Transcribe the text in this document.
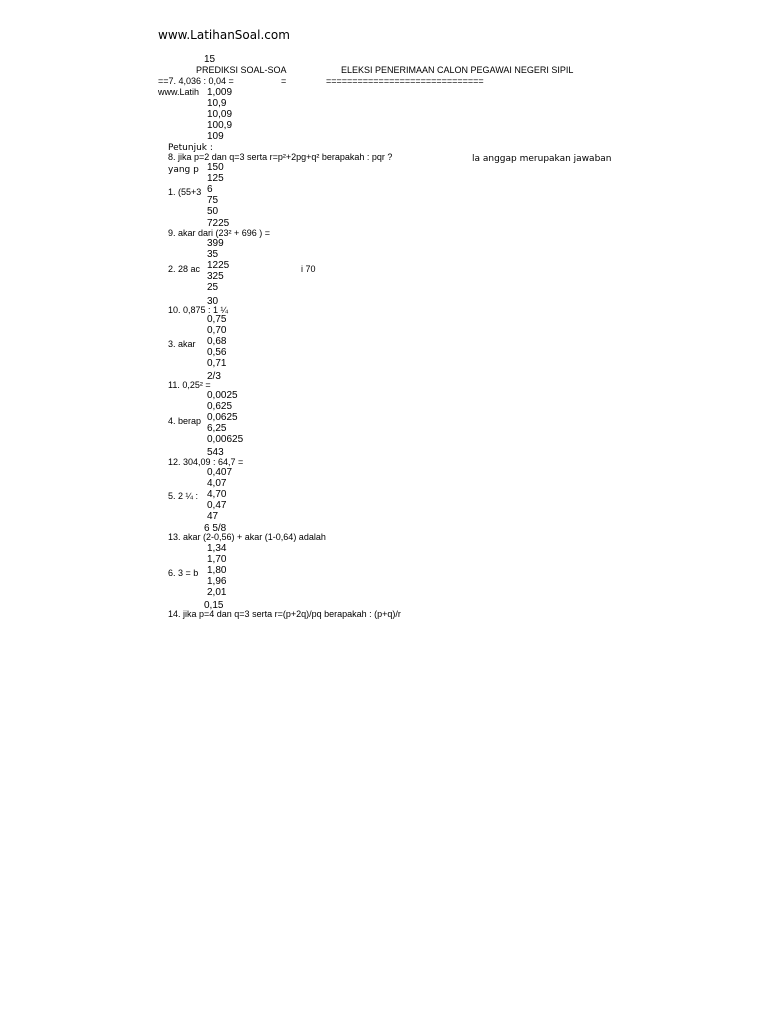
www.LatihanSoal.com
15
PREDIKSI SOAL-SOA	ELEKSI PENERIMAAN CALON PEGAWAI NEGERI SIPIL
==7. 4,036 : 0,04 =	=	==============================
www.Latih 1,009
10,9
10,09
100,9
109
Petunjuk :
8. jika p=2 dan q=3 serta r=p²+2pg+q² berapakah : pqr ?	la anggap merupakan jawaban
yang p 150
125
6
75
50
1. (55+3
9. akar dari (23² + 696 ) =
7225
399
35
1225
325
2. 28 ac	i 70
25
30
0,75
0,70
0,68
0,56
0,71
10. 0,875 : 1 ¼
3. akar
11. 0,25² =
2/3
0,0025
0,625
0,0625
6,25
0,00625
4. berap
12. 304,09 : 64,7 =
543
0,407
4,07
4,70
0,47
47
5. 2 ¼ :
13. akar (2-0,56) + akar (1-0,64) adalah
6 5/8
1,34
1,70
1,80
1,96
2,01
6. 3 = b
0,15
14. jika p=4 dan q=3 serta r=(p+2q)/pq berapakah : (p+q)/r
